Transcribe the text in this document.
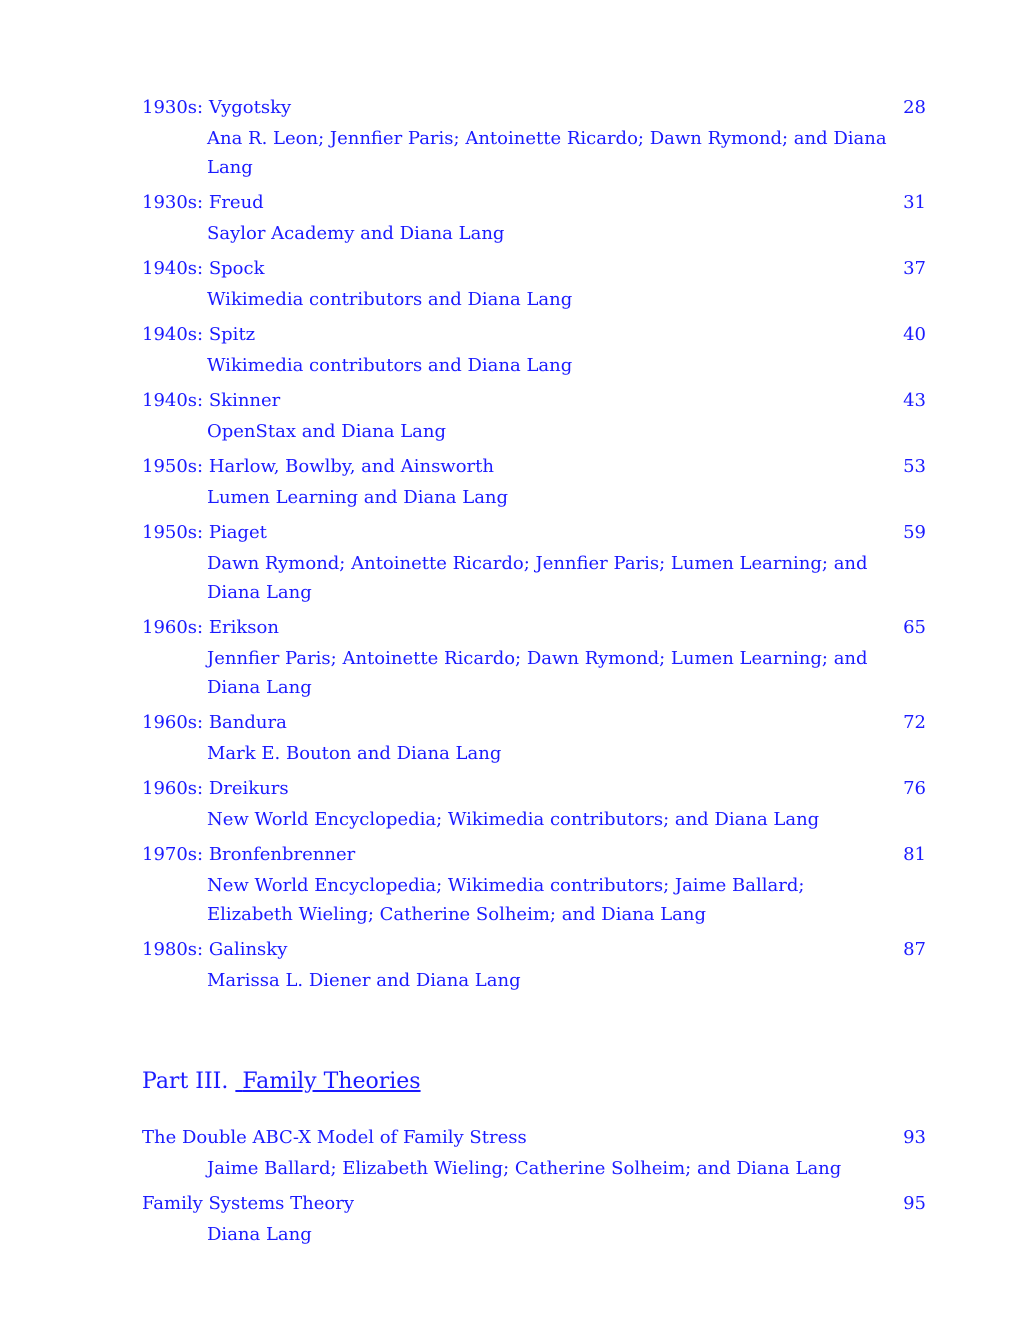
1930s: Vygotsky	28
Ana R. Leon; Jennfier Paris; Antoinette Ricardo; Dawn Rymond; and Diana Lang
1930s: Freud	31
Saylor Academy and Diana Lang
1940s: Spock	37
Wikimedia contributors and Diana Lang
1940s: Spitz	40
Wikimedia contributors and Diana Lang
1940s: Skinner	43
OpenStax and Diana Lang
1950s: Harlow, Bowlby, and Ainsworth	53
Lumen Learning and Diana Lang
1950s: Piaget	59
Dawn Rymond; Antoinette Ricardo; Jennfier Paris; Lumen Learning; and Diana Lang
1960s: Erikson	65
Jennfier Paris; Antoinette Ricardo; Dawn Rymond; Lumen Learning; and Diana Lang
1960s: Bandura	72
Mark E. Bouton and Diana Lang
1960s: Dreikurs	76
New World Encyclopedia; Wikimedia contributors; and Diana Lang
1970s: Bronfenbrenner	81
New World Encyclopedia; Wikimedia contributors; Jaime Ballard; Elizabeth Wieling; Catherine Solheim; and Diana Lang
1980s: Galinsky	87
Marissa L. Diener and Diana Lang
Part III. Family Theories
The Double ABC-X Model of Family Stress	93
Jaime Ballard; Elizabeth Wieling; Catherine Solheim; and Diana Lang
Family Systems Theory	95
Diana Lang
